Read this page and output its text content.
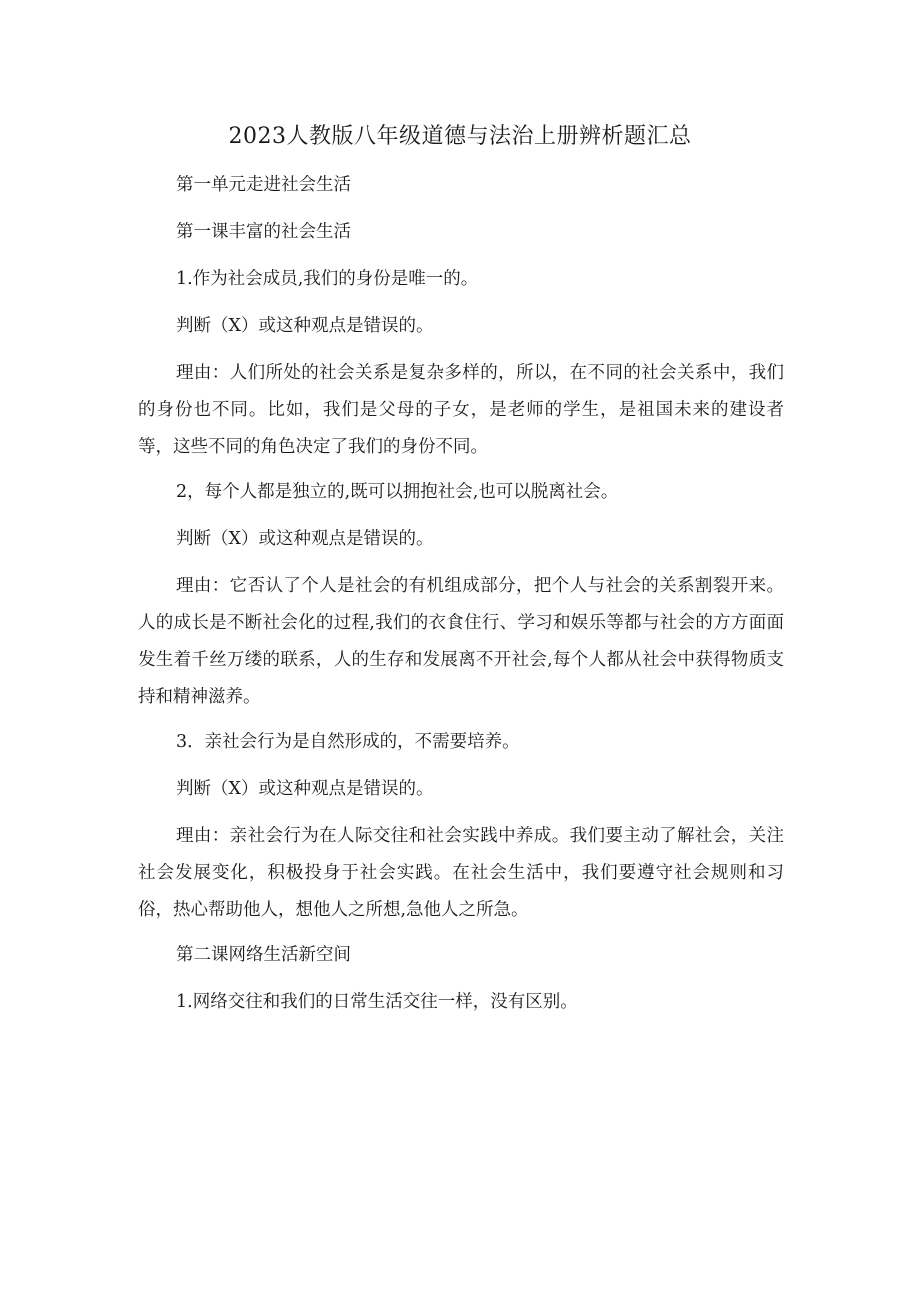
2023人教版八年级道德与法治上册辨析题汇总

第一单元走进社会生活

第一课丰富的社会生活

1.作为社会成员,我们的身份是唯一的。

判断（X）或这种观点是错误的。

理由：人们所处的社会关系是复杂多样的，所以，在不同的社会关系中，我们的身份也不同。比如，我们是父母的子女，是老师的学生，是祖国未来的建设者等，这些不同的角色决定了我们的身份不同。

2，每个人都是独立的,既可以拥抱社会,也可以脱离社会。

判断（X）或这种观点是错误的。

理由：它否认了个人是社会的有机组成部分，把个人与社会的关系割裂开来。人的成长是不断社会化的过程,我们的衣食住行、学习和娱乐等都与社会的方方面面发生着千丝万缕的联系，人的生存和发展离不开社会,每个人都从社会中获得物质支持和精神滋养。

3．亲社会行为是自然形成的，不需要培养。

判断（X）或这种观点是错误的。

理由：亲社会行为在人际交往和社会实践中养成。我们要主动了解社会，关注社会发展变化，积极投身于社会实践。在社会生活中，我们要遵守社会规则和习俗，热心帮助他人，想他人之所想,急他人之所急。

第二课网络生活新空间

1.网络交往和我们的日常生活交往一样，没有区别。
